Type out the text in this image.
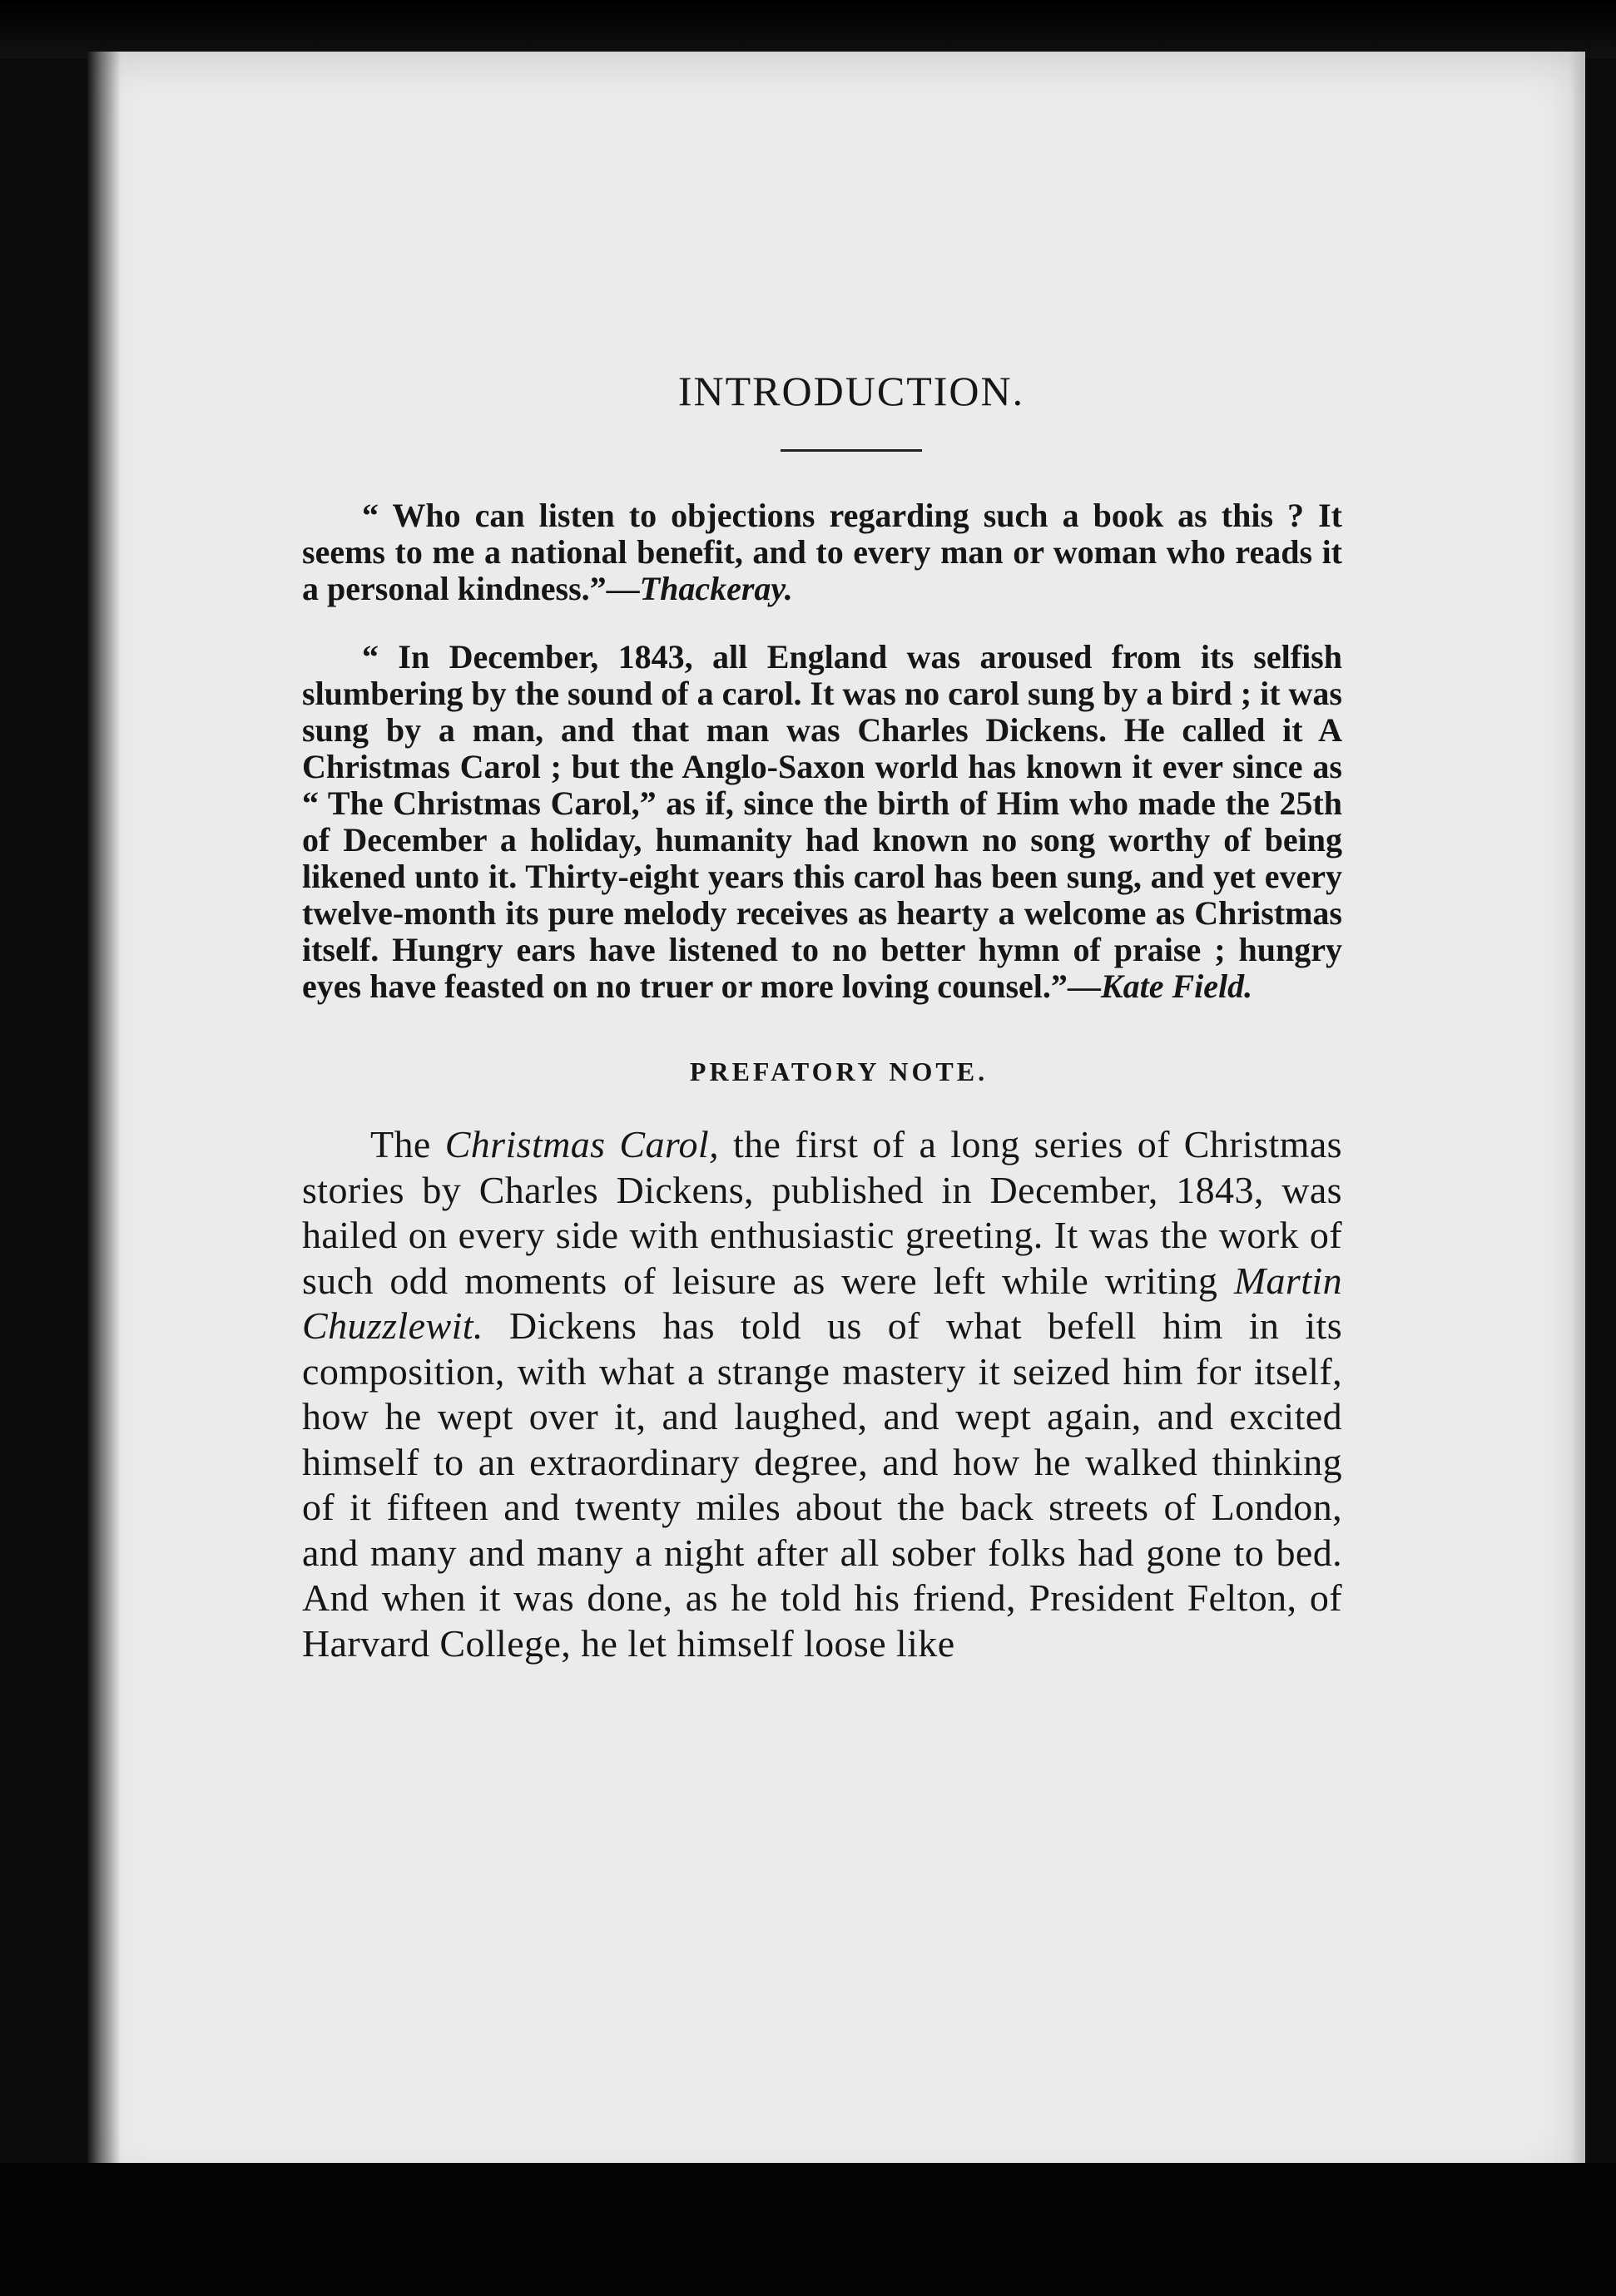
INTRODUCTION.

“ Who can listen to objections regarding such a book as this ? It seems to me a national benefit, and to every man or woman who reads it a personal kindness.”—Thackeray.

“ In December, 1843, all England was aroused from its selfish slumbering by the sound of a carol. It was no carol sung by a bird ; it was sung by a man, and that man was Charles Dickens. He called it A Christmas Carol ; but the Anglo-Saxon world has known it ever since as “ The Christmas Carol,” as if, since the birth of Him who made the 25th of December a holiday, humanity had known no song worthy of being likened unto it. Thirty-eight years this carol has been sung, and yet every twelve-month its pure melody receives as hearty a welcome as Christmas itself. Hungry ears have listened to no better hymn of praise ; hungry eyes have feasted on no truer or more loving counsel.”—Kate Field.

PREFATORY NOTE.

The Christmas Carol, the first of a long series of Christmas stories by Charles Dickens, published in December, 1843, was hailed on every side with enthusiastic greeting. It was the work of such odd moments of leisure as were left while writing Martin Chuzzlewit. Dickens has told us of what befell him in its composition, with what a strange mastery it seized him for itself, how he wept over it, and laughed, and wept again, and excited himself to an extraordinary degree, and how he walked thinking of it fifteen and twenty miles about the back streets of London, and many and many a night after all sober folks had gone to bed. And when it was done, as he told his friend, President Felton, of Harvard College, he let himself loose like
